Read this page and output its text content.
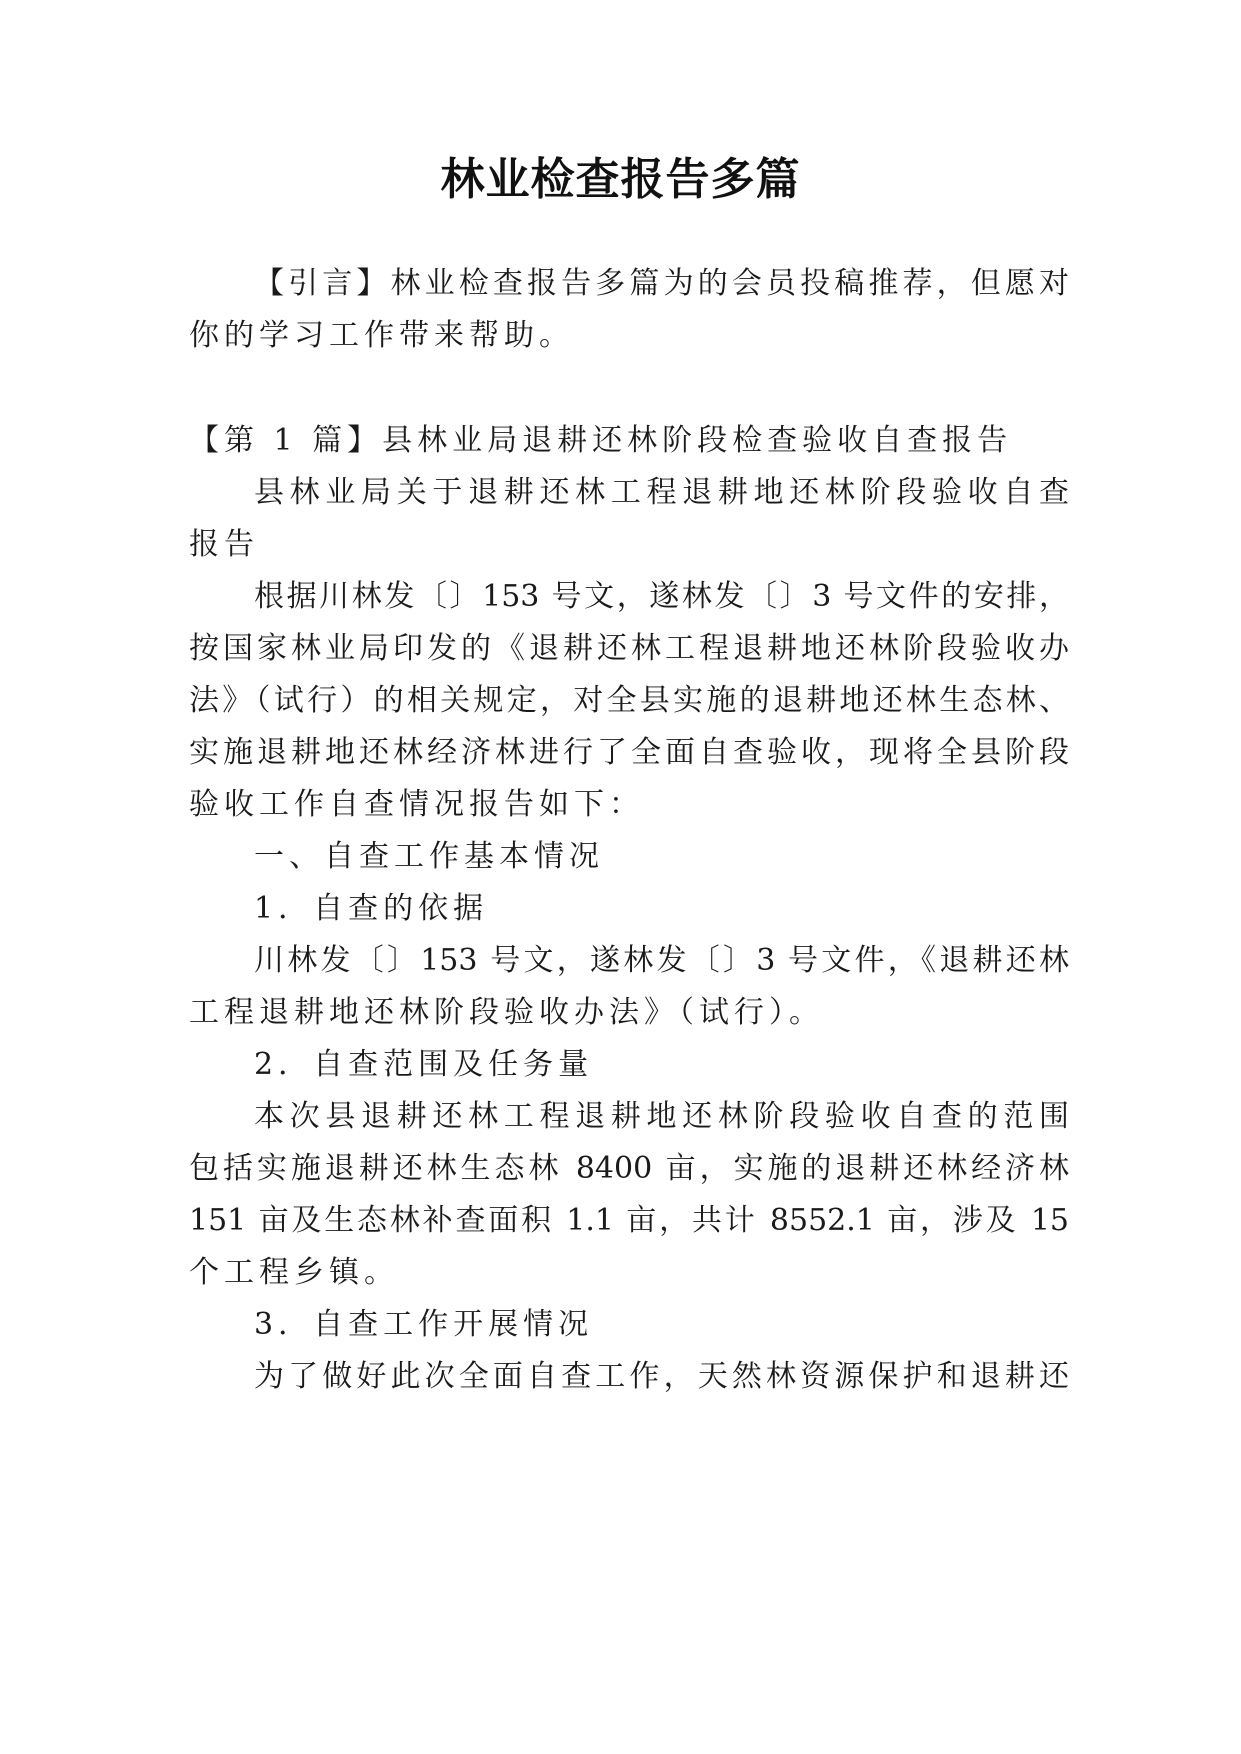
林业检查报告多篇
【引言】林业检查报告多篇为的会员投稿推荐，但愿对
你的学习工作带来帮助。
【第 1 篇】县林业局退耕还林阶段检查验收自查报告
县林业局关于退耕还林工程退耕地还林阶段验收自查
报告
根据川林发〔〕153 号文，遂林发〔〕3 号文件的安排，
按国家林业局印发的《退耕还林工程退耕地还林阶段验收办
法》（试行）的相关规定，对全县实施的退耕地还林生态林、
实施退耕地还林经济林进行了全面自查验收，现将全县阶段
验收工作自查情况报告如下：
一、自查工作基本情况
1．自查的依据
川林发〔〕153 号文，遂林发〔〕3 号文件，《退耕还林
工程退耕地还林阶段验收办法》（试行）。
2．自查范围及任务量
本次县退耕还林工程退耕地还林阶段验收自查的范围
包括实施退耕还林生态林 8400 亩，实施的退耕还林经济林
151 亩及生态林补查面积 1.1 亩，共计 8552.1 亩，涉及 15
个工程乡镇。
3．自查工作开展情况
为了做好此次全面自查工作，天然林资源保护和退耕还
